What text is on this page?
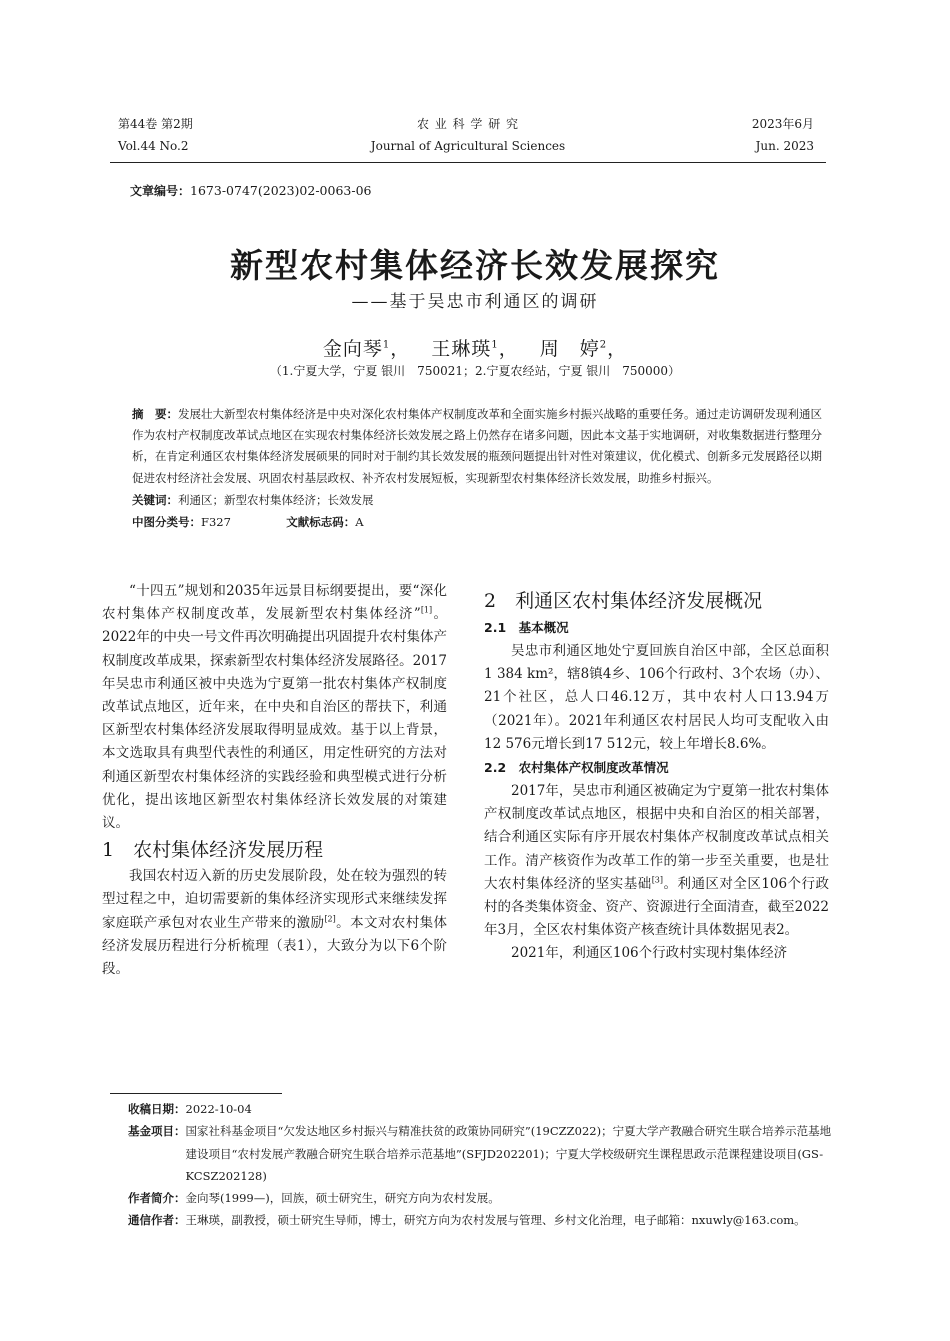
第44卷 第2期
Vol.44 No.2
农 业 科 学 研 究
Journal of Agricultural Sciences
2023年6月
Jun. 2023
文章编号：1673-0747(2023)02-0063-06
新型农村集体经济长效发展探究
——基于吴忠市利通区的调研
金向琴$^1$， 王琳瑛$^1$， 周　婷$^2$，
（1.宁夏大学，宁夏 银川　750021；2.宁夏农经站，宁夏 银川　750000）
摘　要：发展壮大新型农村集体经济是中央对深化农村集体产权制度改革和全面实施乡村振兴战略的重要任务。通过走访调研发现利通区作为农村产权制度改革试点地区在实现农村集体经济长效发展之路上仍然存在诸多问题，因此本文基于实地调研，对收集数据进行整理分析，在肯定利通区农村集体经济发展硕果的同时对于制约其长效发展的瓶颈问题提出针对性对策建议，优化模式、创新多元发展路径以期促进农村经济社会发展、巩固农村基层政权、补齐农村发展短板，实现新型农村集体经济长效发展，助推乡村振兴。
关键词：利通区；新型农村集体经济；长效发展
中图分类号：F327	文献标志码：A

“十四五”规划和2035年远景目标纲要提出，要“深化农村集体产权制度改革，发展新型农村集体经济”[1]。2022年的中央一号文件再次明确提出巩固提升农村集体产权制度改革成果，探索新型农村集体经济发展路径。2017年吴忠市利通区被中央选为宁夏第一批农村集体产权制度改革试点地区，近年来，在中央和自治区的帮扶下，利通区新型农村集体经济发展取得明显成效。基于以上背景，本文选取具有典型代表性的利通区，用定性研究的方法对利通区新型农村集体经济的实践经验和典型模式进行分析优化，提出该地区新型农村集体经济长效发展的对策建议。

1　农村集体经济发展历程

我国农村迈入新的历史发展阶段，处在较为强烈的转型过程之中，迫切需要新的集体经济实现形式来继续发挥家庭联产承包对农业生产带来的激励[2]。本文对农村集体经济发展历程进行分析梳理（表1），大致分为以下6个阶段。

2　利通区农村集体经济发展概况

2.1　基本概况

吴忠市利通区地处宁夏回族自治区中部，全区总面积1 384 km²，辖8镇4乡、106个行政村、3个农场（办）、21个社区，总人口46.12万，其中农村人口13.94万（2021年）。2021年利通区农村居民人均可支配收入由12 576元增长到17 512元，较上年增长8.6%。

2.2　农村集体产权制度改革情况

2017年，吴忠市利通区被确定为宁夏第一批农村集体产权制度改革试点地区，根据中央和自治区的相关部署，结合利通区实际有序开展农村集体产权制度改革试点相关工作。清产核资作为改革工作的第一步至关重要，也是壮大农村集体经济的坚实基础[3]。利通区对全区106个行政村的各类集体资金、资产、资源进行全面清查，截至2022年3月，全区农村集体资产核查统计具体数据见表2。

2021年，利通区106个行政村实现村集体经济

收稿日期： 2022-10-04
基金项目： 国家社科基金项目“欠发达地区乡村振兴与精准扶贫的政策协同研究”(19CZZ022)；宁夏大学产教融合研究生联合培养示范基地建设项目“农村发展产教融合研究生联合培养示范基地”(SFJD202201)；宁夏大学校级研究生课程思政示范课程建设项目(GS-KCSZ202128)
作者简介： 金向琴(1999—)，回族，硕士研究生，研究方向为农村发展。
通信作者： 王琳瑛，副教授，硕士研究生导师，博士，研究方向为农村发展与管理、乡村文化治理，电子邮箱：nxuwly@163.com。
